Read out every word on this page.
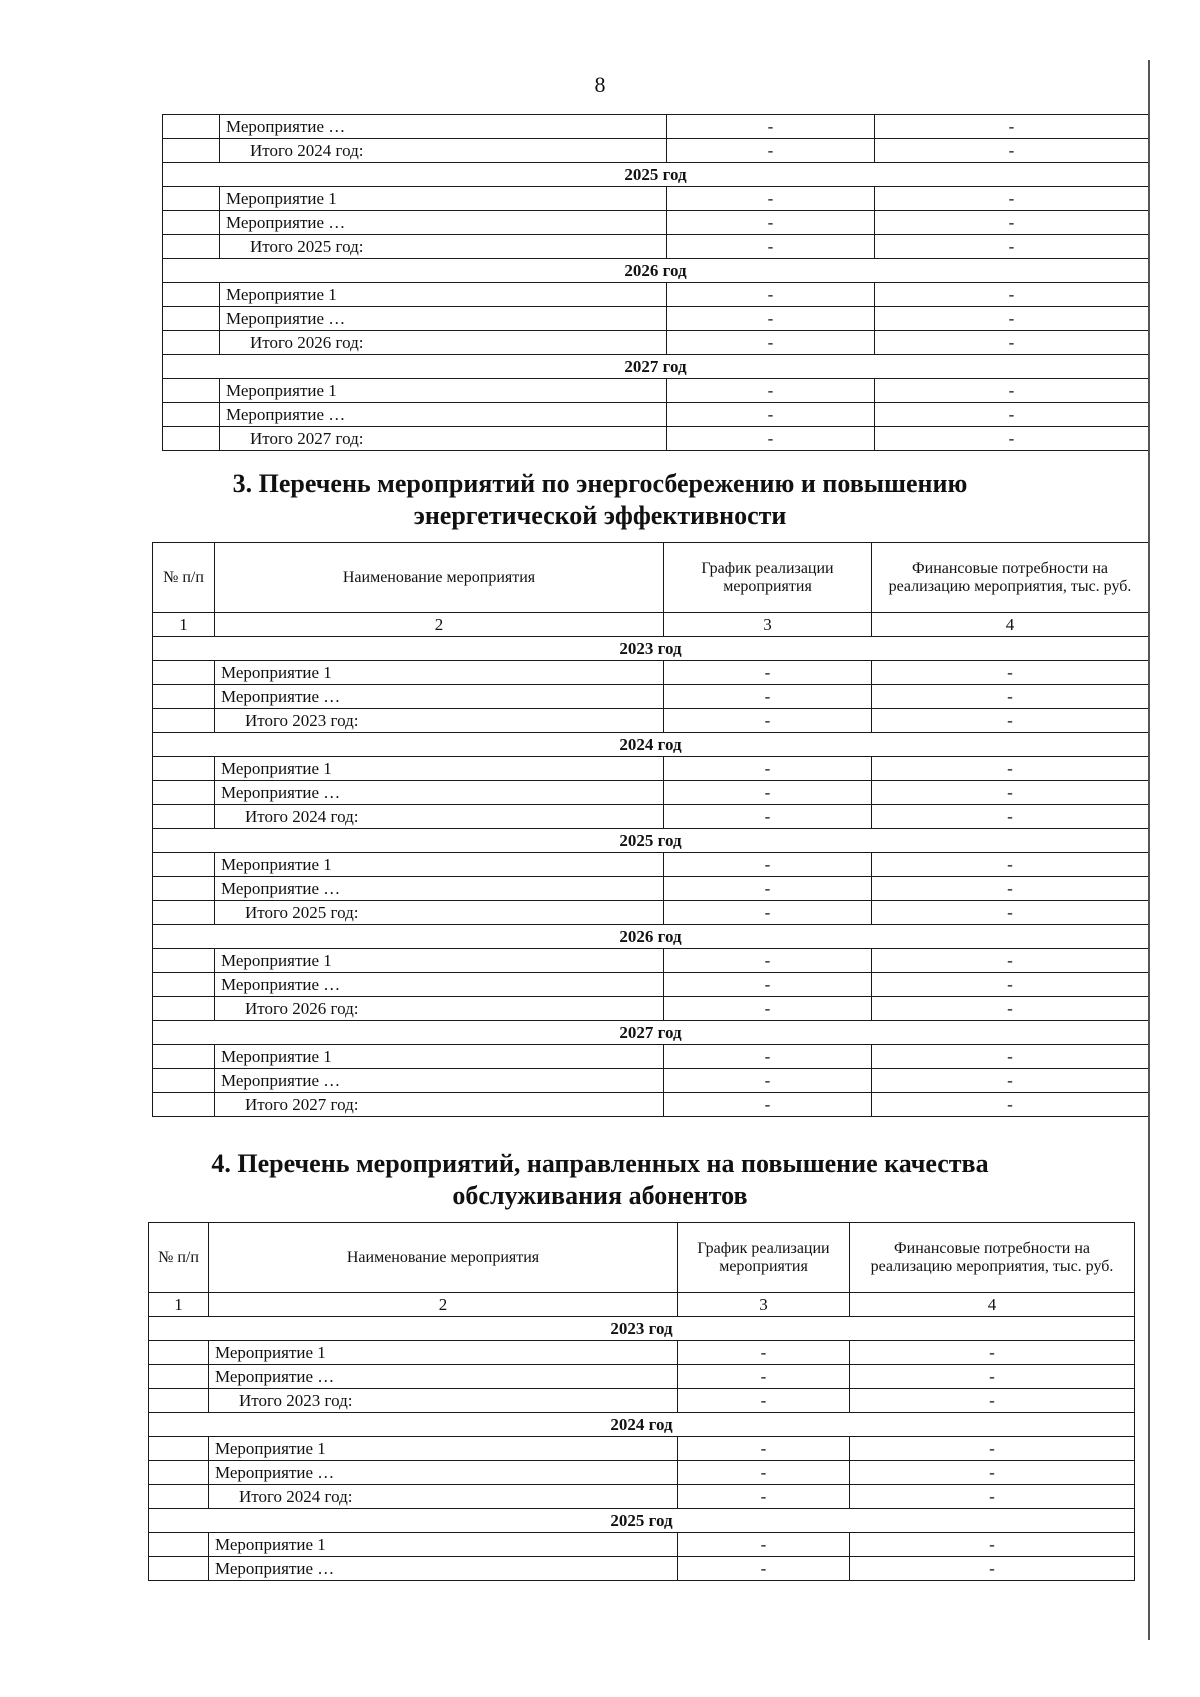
8
	Мероприятие …	-	-
	Итого 2024 год:	-	-
2025 год			
	Мероприятие 1	-	-
	Мероприятие …	-	-
	Итого 2025 год:	-	-
2026 год			
	Мероприятие 1	-	-
	Мероприятие …	-	-
	Итого 2026 год:	-	-
2027 год			
	Мероприятие 1	-	-
	Мероприятие …	-	-
	Итого 2027 год:	-	-
3. Перечень мероприятий по энергосбережению и повышению
энергетической эффективности
№ п/п	Наименование мероприятия	График реализации мероприятия	Финансовые потребности на реализацию мероприятия, тыс. руб.
1	2	3	4
2023 год			
	Мероприятие 1	-	-
	Мероприятие …	-	-
	Итого 2023 год:	-	-
2024 год			
	Мероприятие 1	-	-
	Мероприятие …	-	-
	Итого 2024 год:	-	-
2025 год			
	Мероприятие 1	-	-
	Мероприятие …	-	-
	Итого 2025 год:	-	-
2026 год			
	Мероприятие 1	-	-
	Мероприятие …	-	-
	Итого 2026 год:	-	-
2027 год			
	Мероприятие 1	-	-
	Мероприятие …	-	-
	Итого 2027 год:	-	-
4. Перечень мероприятий, направленных на повышение качества
обслуживания абонентов
№ п/п	Наименование мероприятия	График реализации мероприятия	Финансовые потребности на реализацию мероприятия, тыс. руб.
1	2	3	4
2023 год			
	Мероприятие 1	-	-
	Мероприятие …	-	-
	Итого 2023 год:	-	-
2024 год			
	Мероприятие 1	-	-
	Мероприятие …	-	-
	Итого 2024 год:	-	-
2025 год			
	Мероприятие 1	-	-
	Мероприятие …	-	-
